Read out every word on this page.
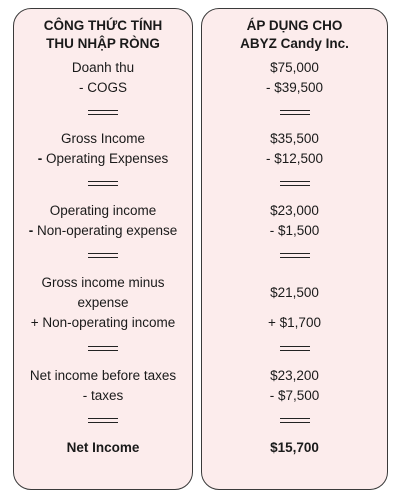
CÔNG THỨC TÍNH
THU NHẬP RÒNG
Doanh thu
- COGS
Gross Income
- Operating Expenses
Operating income
- Non-operating expense
Gross income minus
expense
+ Non-operating income
Net income before taxes
- taxes
Net Income
ÁP DỤNG CHO
ABYZ Candy Inc.
$75,000
- $39,500
$35,500
- $12,500
$23,000
- $1,500
$21,500
+ $1,700
$23,200
- $7,500
$15,700
